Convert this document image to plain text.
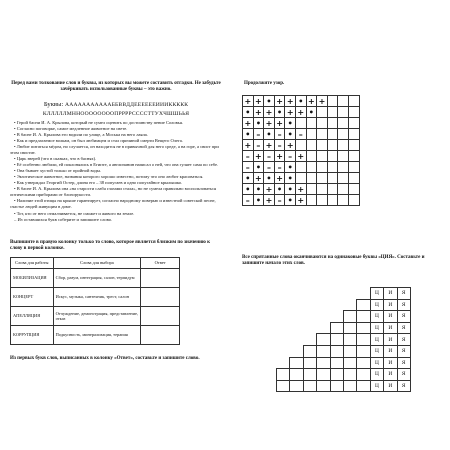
Перед вами толкование слов и буквы, из которых вы можете составить отгадки. Не забудьте зачёркивать использованные буквы – это важно.

Буквы: АААААААААААББВВДДЕЕЕЕЕЕИИИККККК
КЛЛЛЛЛМННООООООООПРРРРССССТТУХЧШШЬЬЯ

• Герой басни И. А. Крылова, который не сумел оценить по достоинству пение Соловья.

• Согласно поговорке, самое медленное животное на свете.

• В басне И. А. Крылова его водили по улице, а Моська на него лаяла.

• Как и предлагаемое волкам, он был любимцем и стал причиной смерти Вещего Олега.

• Любит питаться мёдом, но случается, он находится не в привычной для него среде, а на горе, а свист при этом свистит.

• Царь зверей (что в сказках, что в баснях).

• Её особенно любили, ей поклонялись в Египте, а англичанин написал о ней, что она гуляет сама по себе.

• Она бывает хустой только от пройной воды.

• Экзотическое животное, названия которого хорошо известно, потому что оно любит красоваться.

• Как утверждал Георгий Остер, длина его – 38 попугаев и одно попугайное крылышко.

• В басне И. А. Крылова она «на старости слаба глазами стала», но не сумела правильно воспользоваться оптическими приборами от близорукости.

• Наличие этой птицы на крыше гарантирует, согласно народному поверью и известной советской песне, счастье людей живущим в доме.

• Тот, кто от него отмалчивается, не сможет и живого на земле.

– Из оставшихся букв соберите и запишите слово.

Выпишите в правую колонку только то слово, которое является близким по значению к слову в первой колонке.

Слова для работы	Слова для выбора	Ответ
МОБИЛИЗАЦИЯ	Сбор, разум, интеграция, салон, терпидум	
КОНЦЕРТ	Искус, музыка, сантехник, трест, салон	
АПЕЛЛЯЦИЯ	Отчуждение, демонстрация, представление, отказ	
КОРРУПЦИЯ	Подкупность, минерализация, терапия	

Из первых букв слов, выписанных в колонку «Ответ», составьте и запишите слово.

Продолжите узор.

+	+	•	+	+	•	+	+			
•	+	+	•	+	+	•				
+	•	+	+	•						
•	–	•	–	•	–					
+	–	+	–	+						
–	+	–	+	–	+					
–	•	–	–	•						
•	+	•	+	•						
•	•	+	•	•	+					
–	•	+	–	•	+					

Все спрятанные слова оканчиваются на одинаковые буквы «ЦИЯ». Составьте и запишите начало этих слов.

							Ц	И	Я
							Ц	И	Я
							Ц	И	Я
							Ц	И	Я
							Ц	И	Я
							Ц	И	Я
							Ц	И	Я
							Ц	И	Я
							Ц	И	Я
